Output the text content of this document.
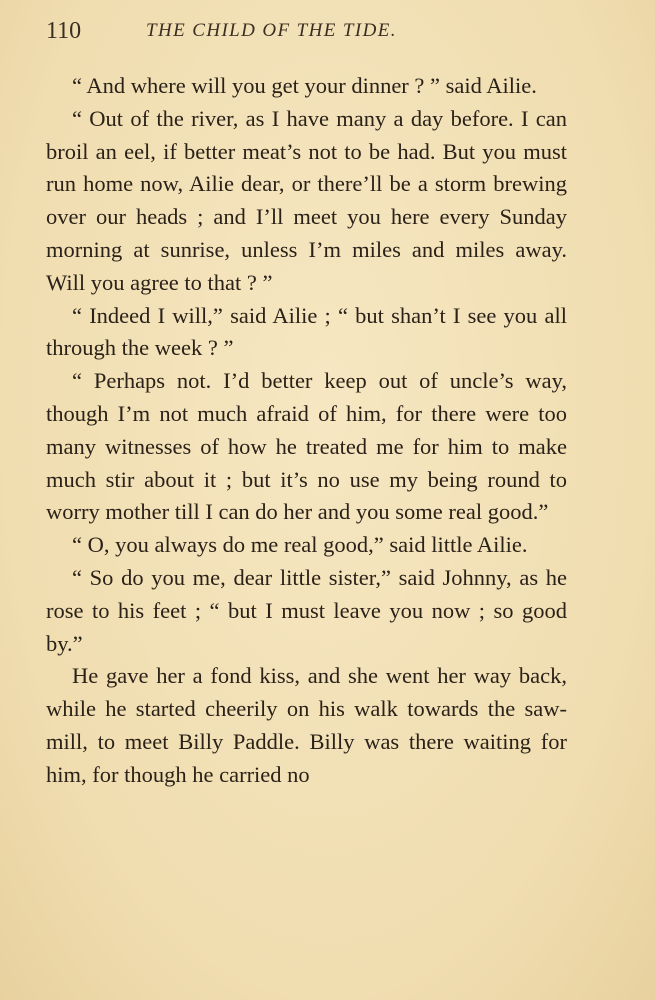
110	THE CHILD OF THE TIDE.

“ And where will you get your dinner ? ” said Ailie.

“ Out of the river, as I have many a day before. I can broil an eel, if better meat’s not to be had. But you must run home now, Ailie dear, or there’ll be a storm brewing over our heads ; and I’ll meet you here every Sunday morning at sunrise, unless I’m miles and miles away. Will you agree to that ? ”

“ Indeed I will,” said Ailie ; “ but shan’t I see you all through the week ? ”

“ Perhaps not. I’d better keep out of uncle’s way, though I’m not much afraid of him, for there were too many witnesses of how he treated me for him to make much stir about it ; but it’s no use my being round to worry mother till I can do her and you some real good.”

“ O, you always do me real good,” said little Ailie.

“ So do you me, dear little sister,” said Johnny, as he rose to his feet ; “ but I must leave you now ; so good by.”

He gave her a fond kiss, and she went her way back, while he started cheerily on his walk towards the saw-mill, to meet Billy Paddle. Billy was there waiting for him, for though he carried no
